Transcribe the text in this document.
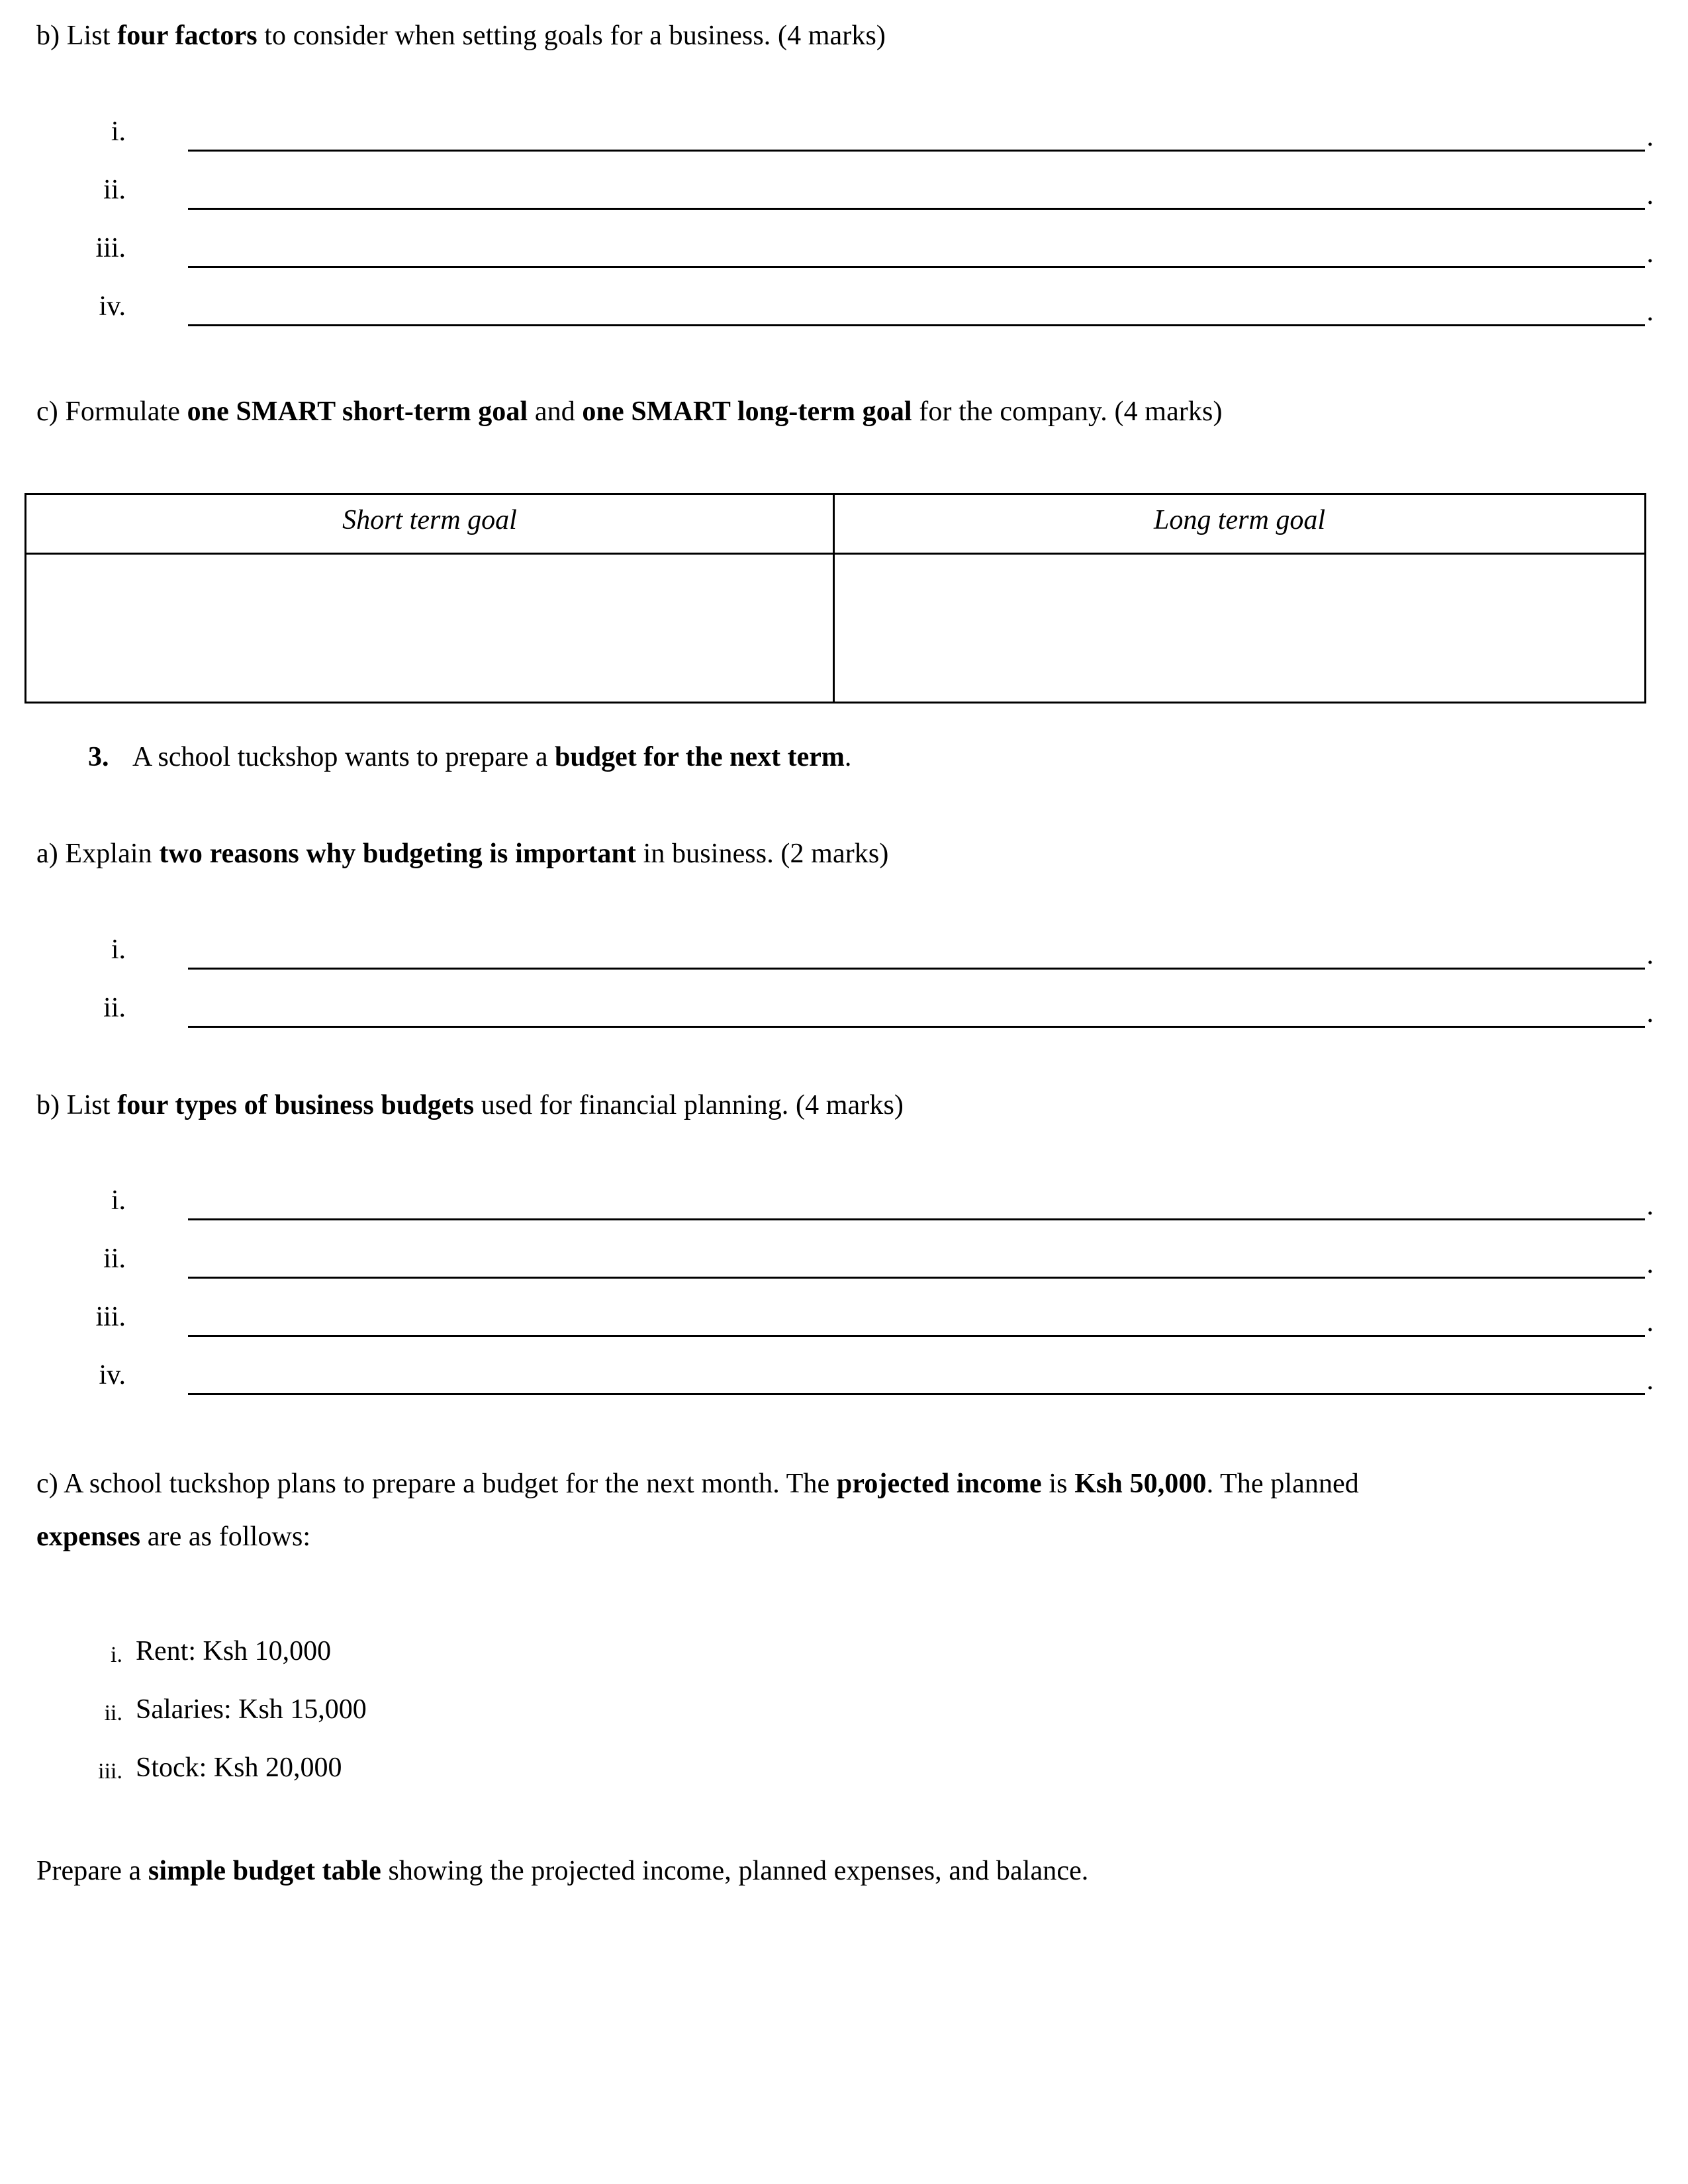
b) List four factors to consider when setting goals for a business. (4 marks)
i.	.
ii.	.
iii.	.
iv.	.
c) Formulate one SMART short-term goal and one SMART long-term goal for the company. (4 marks)
Short term goal	Long term goal

3. A school tuckshop wants to prepare a budget for the next term.
a) Explain two reasons why budgeting is important in business. (2 marks)
i.	.
ii.	.
b) List four types of business budgets used for financial planning. (4 marks)
i.	.
ii.	.
iii.	.
iv.	.
c) A school tuckshop plans to prepare a budget for the next month. The projected income is Ksh 50,000. The planned
expenses are as follows:
i. Rent: Ksh 10,000
ii. Salaries: Ksh 15,000
iii. Stock: Ksh 20,000
Prepare a simple budget table showing the projected income, planned expenses, and balance.
